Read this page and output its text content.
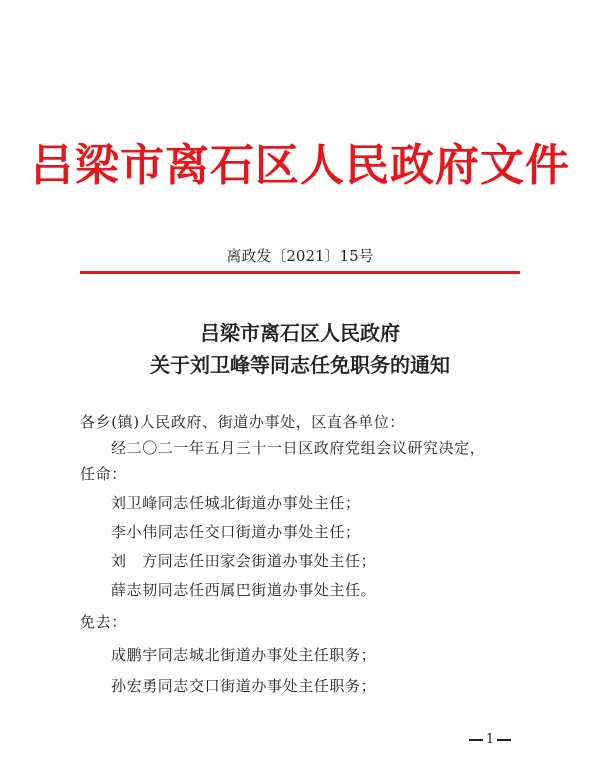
吕梁市离石区人民政府文件
离政发〔2021〕15号
吕梁市离石区人民政府
关于刘卫峰等同志任免职务的通知
各乡(镇)人民政府、街道办事处，区直各单位：
经二〇二一年五月三十一日区政府党组会议研究决定，
任命：
刘卫峰同志任城北街道办事处主任；
李小伟同志任交口街道办事处主任；
刘　方同志任田家会街道办事处主任；
薛志韧同志任西属巴街道办事处主任。
免去：
成鹏宇同志城北街道办事处主任职务；
孙宏勇同志交口街道办事处主任职务；
1
